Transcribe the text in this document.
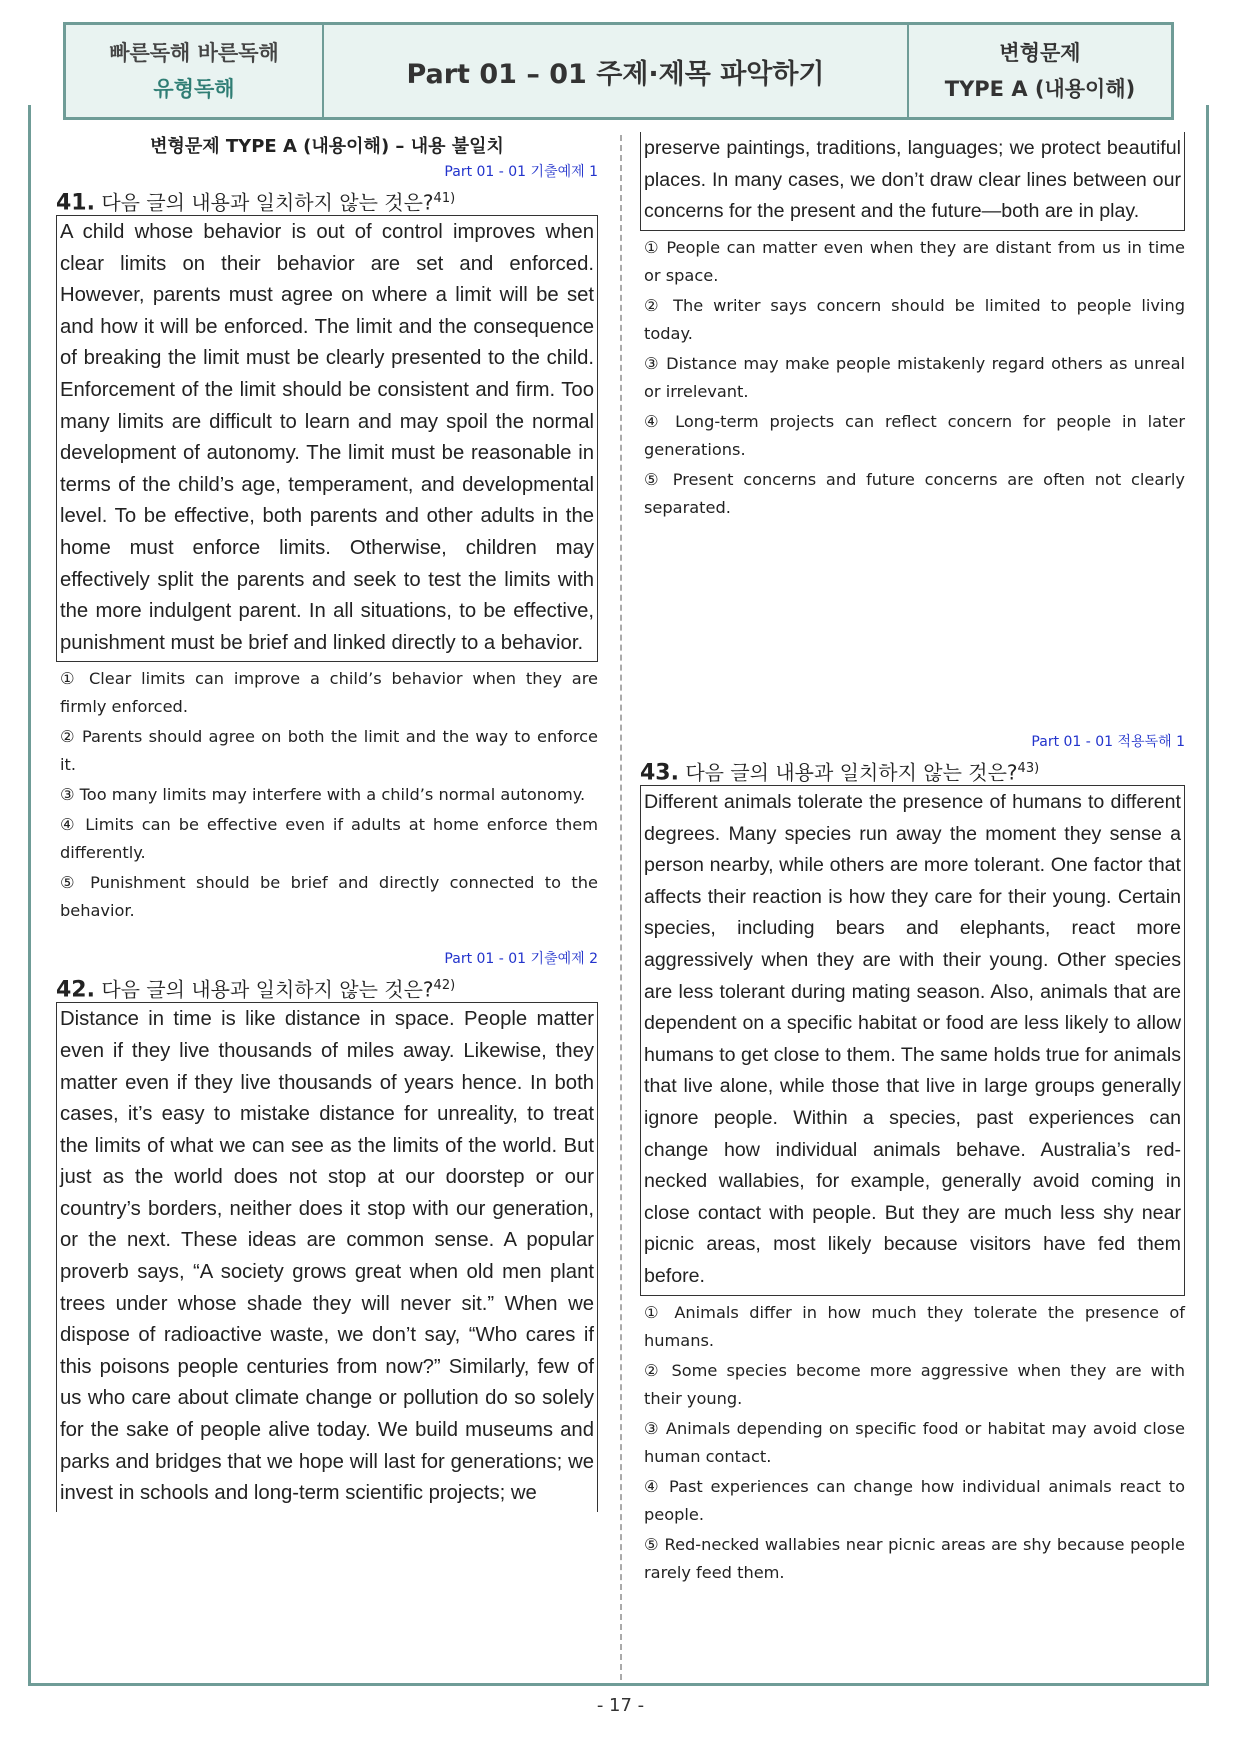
빠른독해 바른독해
유형독해	Part 01 – 01 주제·제목 파악하기
변형문제
TYPE A (내용이해)
변형문제 TYPE A (내용이해) – 내용 불일치
Part 01 - 01 기출예제 1
41. 다음 글의 내용과 일치하지 않는 것은?$^{41)}$
A child whose behavior is out of control improves when clear limits on their behavior are set and enforced. However, parents must agree on where a limit will be set and how it will be enforced. The limit and the consequence of breaking the limit must be clearly presented to the child. Enforcement of the limit should be consistent and firm. Too many limits are difficult to learn and may spoil the normal development of autonomy. The limit must be reasonable in terms of the child’s age, temperament, and developmental level. To be effective, both parents and other adults in the home must enforce limits. Otherwise, children may effectively split the parents and seek to test the limits with the more indulgent parent. In all situations, to be effective, punishment must be brief and linked directly to a behavior.
① Clear limits can improve a child’s behavior when they are firmly enforced.
② Parents should agree on both the limit and the way to enforce it.
③ Too many limits may interfere with a child’s normal autonomy.
④ Limits can be effective even if adults at home enforce them differently.
⑤ Punishment should be brief and directly connected to the behavior.
Part 01 - 01 기출예제 2
42. 다음 글의 내용과 일치하지 않는 것은?$^{42)}$
Distance in time is like distance in space. People matter even if they live thousands of miles away. Likewise, they matter even if they live thousands of years hence. In both cases, it’s easy to mistake distance for unreality, to treat the limits of what we can see as the limits of the world. But just as the world does not stop at our doorstep or our country’s borders, neither does it stop with our generation, or the next. These ideas are common sense. A popular proverb says, “A society grows great when old men plant trees under whose shade they will never sit.” When we dispose of radioactive waste, we don’t say, “Who cares if this poisons people centuries from now?” Similarly, few of us who care about climate change or pollution do so solely for the sake of people alive today. We build museums and parks and bridges that we hope will last for generations; we invest in schools and long-term scientific projects; we
preserve paintings, traditions, languages; we protect beautiful places. In many cases, we don’t draw clear lines between our concerns for the present and the future—both are in play.
① People can matter even when they are distant from us in time or space.
② The writer says concern should be limited to people living today.
③ Distance may make people mistakenly regard others as unreal or irrelevant.
④ Long-term projects can reflect concern for people in later generations.
⑤ Present concerns and future concerns are often not clearly separated.
Part 01 - 01 적용독해 1
43. 다음 글의 내용과 일치하지 않는 것은?$^{43)}$
Different animals tolerate the presence of humans to different degrees. Many species run away the moment they sense a person nearby, while others are more tolerant. One factor that affects their reaction is how they care for their young. Certain species, including bears and elephants, react more aggressively when they are with their young. Other species are less tolerant during mating season. Also, animals that are dependent on a specific habitat or food are less likely to allow humans to get close to them. The same holds true for animals that live alone, while those that live in large groups generally ignore people. Within a species, past experiences can change how individual animals behave. Australia’s red-necked wallabies, for example, generally avoid coming in close contact with people. But they are much less shy near picnic areas, most likely because visitors have fed them before.
① Animals differ in how much they tolerate the presence of humans.
② Some species become more aggressive when they are with their young.
③ Animals depending on specific food or habitat may avoid close human contact.
④ Past experiences can change how individual animals react to people.
⑤ Red-necked wallabies near picnic areas are shy because people rarely feed them.
- 17 -
